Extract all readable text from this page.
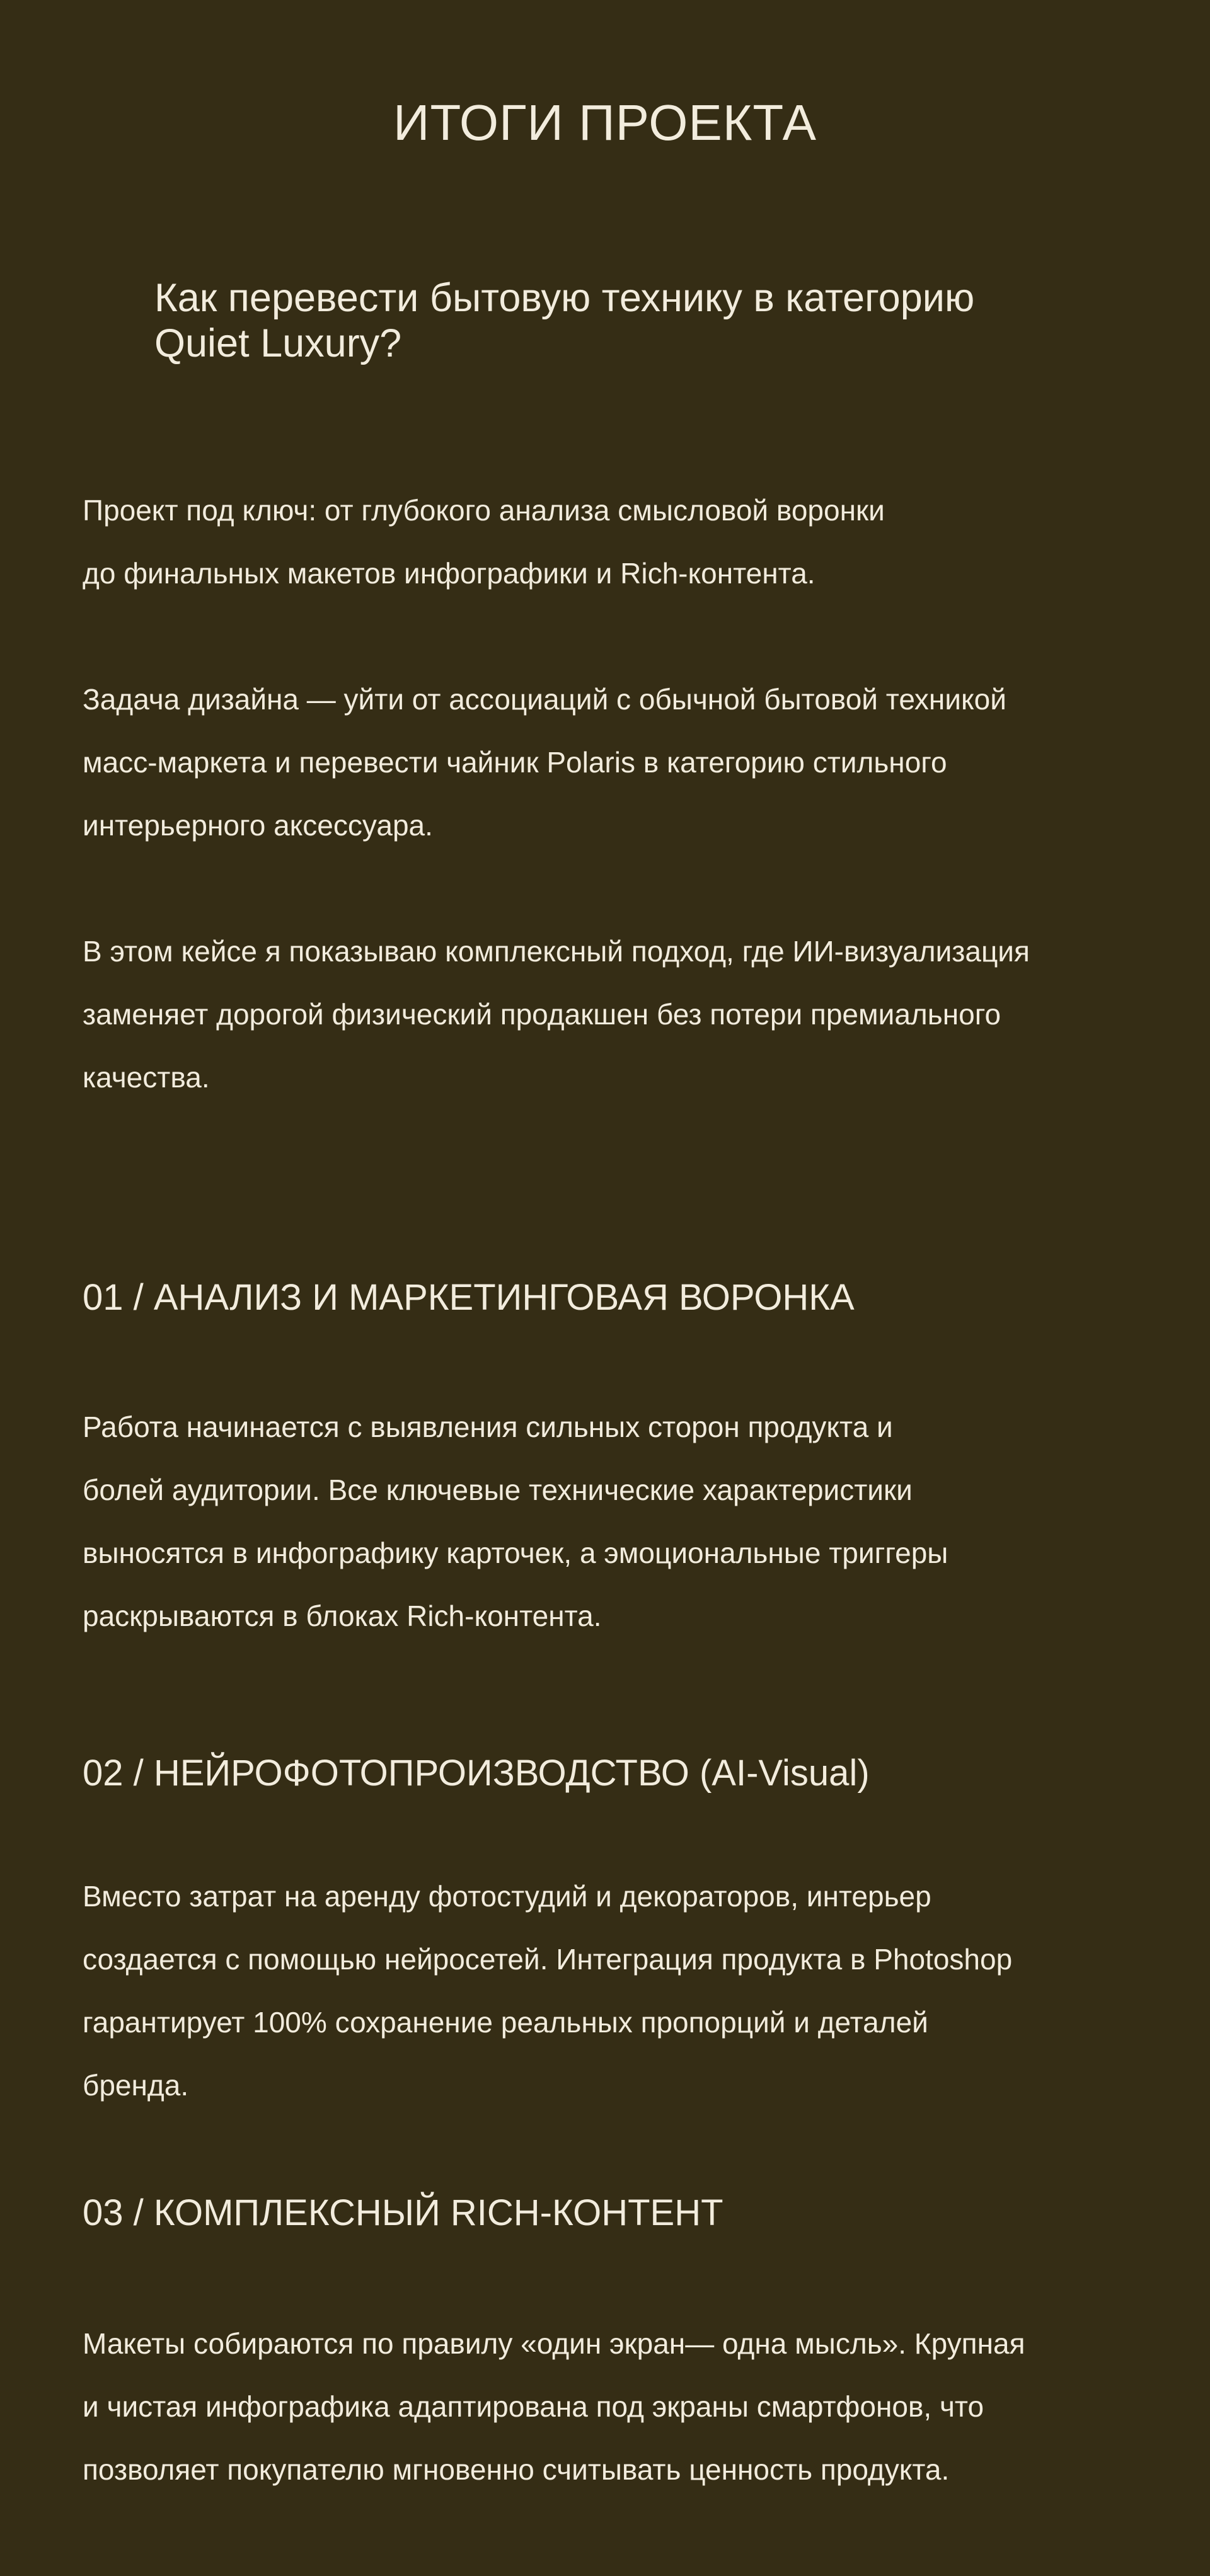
ИТОГИ ПРОЕКТА
Как перевести бытовую технику в категорию
Quiet Luxury?

Проект под ключ: от глубокого анализа смысловой воронки
до финальных макетов инфографики и Rich-контента.

Задача дизайна — уйти от ассоциаций с обычной бытовой техникой
масс-маркета и перевести чайник Polaris в категорию стильного
интерьерного аксессуара.

В этом кейсе я показываю комплексный подход, где ИИ-визуализация
заменяет дорогой физический продакшен без потери премиального
качества.

01 / АНАЛИЗ И МАРКЕТИНГОВАЯ ВОРОНКА

Работа начинается с выявления сильных сторон продукта и
болей аудитории. Все ключевые технические характеристики
выносятся в инфографику карточек, а эмоциональные триггеры
раскрываются в блоках Rich-контента.

02 / НЕЙРОФОТОПРОИЗВОДСТВО (AI-Visual)

Вместо затрат на аренду фотостудий и декораторов, интерьер
создается с помощью нейросетей. Интеграция продукта в Photoshop
гарантирует 100% сохранение реальных пропорций и деталей
бренда.

03 / КОМПЛЕКСНЫЙ RICH-КОНТЕНТ

Макеты собираются по правилу «один экран— одна мысль». Крупная
и чистая инфографика адаптирована под экраны смартфонов, что
позволяет покупателю мгновенно считывать ценность продукта.
